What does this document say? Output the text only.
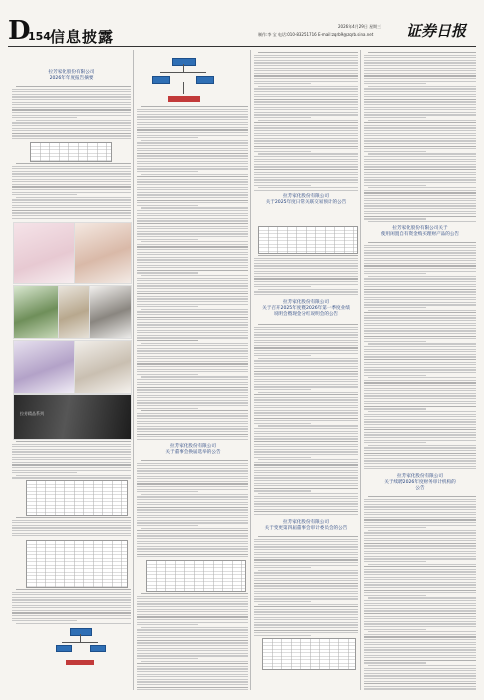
D
154 信息披露
2026年4月29日 星期三
制作:李 宝 电话:010-83251716 E-mail:zqrb9@zqrb.sina.net 证券日报
拉芳家化股份有限公司
2026年年度报告摘要
拉芳精品系列
拉芳家化股份有限公司
关于董事会换届选举的公告
拉芳家化股份有限公司
关于2025年度日常关联交易预计的公告
拉芳家化股份有限公司
关于召开2025年度暨2026年第一季度业绩
说明会暨现金分红说明会的公告
拉芳家化股份有限公司
关于变更第四届董事会审计委员会的公告
拉芳家化股份有限公司关于
使用闲置自有资金购买理财产品的公告
拉芳家化股份有限公司
关于续聘2026年度财务审计机构的
公告
